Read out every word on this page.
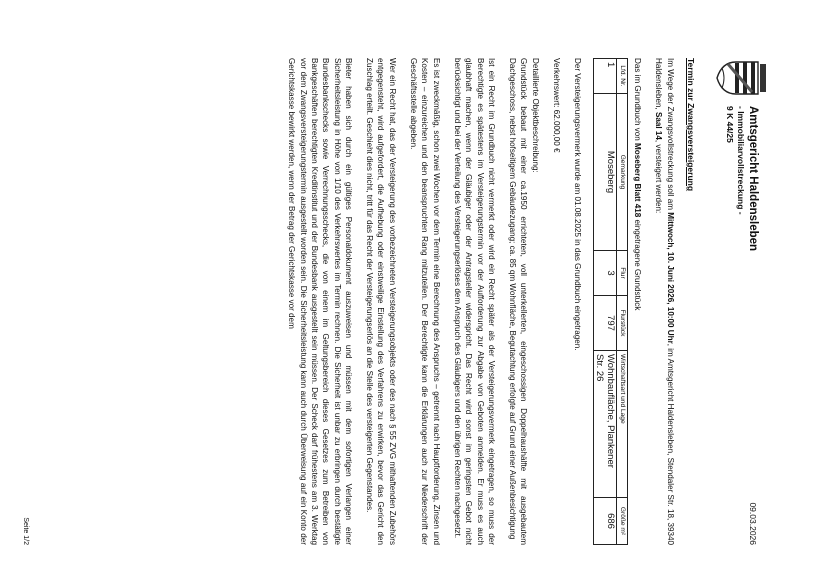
Amtsgericht Haldensleben
- Immobiliarvollstreckung -
9 K 44/25
09.03.2026
Termin zur Zwangsversteigerung

Im Wege der Zwangsvollstreckung soll am Mittwoch, 10. Juni 2026, 10:00 Uhr, im Amtsgericht Haldensleben, Stendaler Str. 18, 39340 Haldensleben, Saal 14, versteigert werden:

Das im Grundbuch von Moseberg Blatt 418 eingetragene Grundstück

Lfd. Nr.	Gemarkung	Flur	Flurstück	Wirtschaftsart und Lage	Größe m²
1	Moseberg	3	797	Wohnbaufläche, Plankener
Str. 26	686

Der Versteigerungsvermerk wurde am 01.08.2025 in das Grundbuch eingetragen.

Verkehrswert: 62.000,00 €

Detaillierte Objektbeschreibung:
Grundstück bebaut mit einer ca.1950 errichteten, voll unterkellerten, eingeschossigen Doppelhaushälfte mit ausgebautem Dachgeschoss, nebst hofseitigem Gebäudezugang; ca. 85 qm Wohnfläche, Begutachtung erfolgte auf Grund einer Außenbesichtigung

Ist ein Recht im Grundbuch nicht vermerkt oder wird ein Recht später als der Versteigerungsvermerk eingetragen, so muss der Berechtigte es spätestens im Versteigerungstermin vor der Aufforderung zur Abgabe von Geboten anmelden. Er muss es auch glaubhaft machen, wenn der Gläubiger oder der Antragsteller widerspricht. Das Recht wird sonst im geringsten Gebot nicht berücksichtigt und bei der Verteilung des Versteigerungserlöses dem Anspruch des Gläubigers und den übrigen Rechten nachgesetzt.

Es ist zweckmäßig, schon zwei Wochen vor dem Termin eine Berechnung des Anspruchs – getrennt nach Hauptforderung, Zinsen und Kosten – einzureichen und den beanspruchten Rang mitzuteilen. Der Berechtigte kann die Erklärungen auch zur Niederschrift der Geschäftsstelle abgeben.

Wer ein Recht hat, das der Versteigerung des vorbezeichneten Versteigerungsobjekts oder des nach § 55 ZVG mithaftenden Zubehörs entgegensteht, wird aufgefordert, die Aufhebung oder einstweilige Einstellung des Verfahrens zu erwirken, bevor das Gericht den Zuschlag erteilt. Geschieht dies nicht, tritt für das Recht der Versteigerungserlös an die Stelle des versteigerten Gegenstandes.

Bieter haben sich durch ein gültiges Personaldokument auszuweisen und müssen mit dem sofortigen Verlangen einer Sicherheitsleistung in Höhe von 1/10 des Verkehrswertes im Termin rechnen. Die Sicherheit ist unbar zu erbringen durch bestätigte Bundesbankschecks sowie Verrechnungsschecks, die von einem im Geltungsbereich dieses Gesetzes zum Betreiben von Bankgeschäften berechtigten Kreditinstitut und der Bundesbank ausgestellt sein müssen. Der Scheck darf frühestens am 3. Werktag vor dem Zwangsversteigerungstermin ausgestellt worden sein. Die Sicherheitsleistung kann auch durch Überweisung auf ein Konto der Gerichtskasse bewirkt werden, wenn der Betrag der Gerichtskasse vor dem

Seite 1/2
